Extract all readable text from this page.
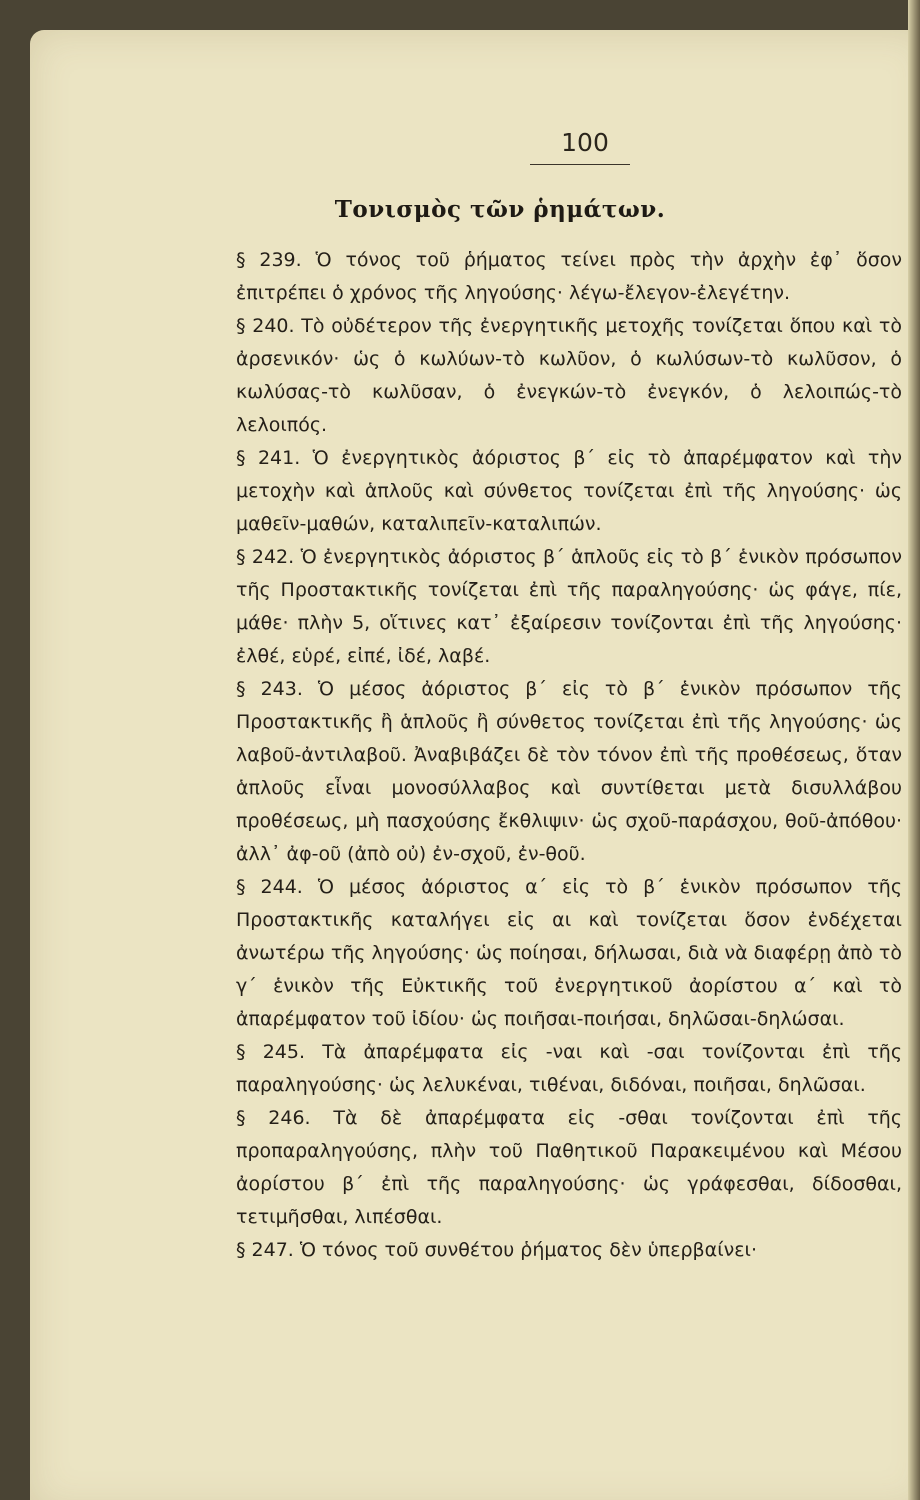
100
Τονισμὸς τῶν ῥημάτων.

§ 239. Ὁ τόνος τοῦ ῥήματος τείνει πρὸς τὴν ἀρχὴν ἐφ᾿ ὅσον ἐπιτρέπει ὁ χρόνος τῆς ληγούσης· λέγω-ἔλεγον-ἐλεγέτην.

§ 240. Τὸ οὐδέτερον τῆς ἐνεργητικῆς μετοχῆς τονίζεται ὅπου καὶ τὸ ἀρσενικόν· ὡς ὁ κωλύων-τὸ κωλῦον, ὁ κωλύσων-τὸ κωλῦσον, ὁ κωλύσας-τὸ κωλῦσαν, ὁ ἐνεγκών-τὸ ἐνεγκόν, ὁ λελοιπώς-τὸ λελοιπός.

§ 241. Ὁ ἐνεργητικὸς ἀόριστος β´ εἰς τὸ ἀπαρέμφατον καὶ τὴν μετοχὴν καὶ ἁπλοῦς καὶ σύνθετος τονίζεται ἐπὶ τῆς ληγούσης· ὡς μαθεῖν-μαθών, καταλιπεῖν-καταλιπών.

§ 242. Ὁ ἐνεργητικὸς ἀόριστος β´ ἁπλοῦς εἰς τὸ β´ ἑνικὸν πρόσωπον τῆς Προστακτικῆς τονίζεται ἐπὶ τῆς παραληγούσης· ὡς φάγε, πίε, μάθε· πλὴν 5, οἵτινες κατ᾿ ἐξαίρεσιν τονίζονται ἐπὶ τῆς ληγούσης· ἐλθέ, εὑρέ, εἰπέ, ἰδέ, λαβέ.

§ 243. Ὁ μέσος ἀόριστος β´ εἰς τὸ β´ ἑνικὸν πρόσωπον τῆς Προστακτικῆς ἢ ἁπλοῦς ἢ σύνθετος τονίζεται ἐπὶ τῆς ληγούσης· ὡς λαβοῦ-ἀντιλαβοῦ. Ἀναβιβάζει δὲ τὸν τόνον ἐπὶ τῆς προθέσεως, ὅταν ἁπλοῦς εἶναι μονοσύλλαβος καὶ συντίθεται μετὰ δισυλλάβου προθέσεως, μὴ πασχούσης ἔκθλιψιν· ὡς σχοῦ-παράσχου, θοῦ-ἀπόθου· ἀλλ᾿ ἀφ-οῦ (ἀπὸ οὐ) ἐν-σχοῦ, ἐν-θοῦ.

§ 244. Ὁ μέσος ἀόριστος α´ εἰς τὸ β´ ἑνικὸν πρόσωπον τῆς Προστακτικῆς καταλήγει εἰς αι καὶ τονίζεται ὅσον ἐνδέχεται ἀνωτέρω τῆς ληγούσης· ὡς ποίησαι, δήλωσαι, διὰ νὰ διαφέρῃ ἀπὸ τὸ γ´ ἑνικὸν τῆς Εὐκτικῆς τοῦ ἐνεργητικοῦ ἀορίστου α´ καὶ τὸ ἀπαρέμφατον τοῦ ἰδίου· ὡς ποιῆσαι-ποιήσαι, δηλῶσαι-δηλώσαι.

§ 245. Τὰ ἀπαρέμφατα εἰς -ναι καὶ -σαι τονίζονται ἐπὶ τῆς παραληγούσης· ὡς λελυκέναι, τιθέναι, διδόναι, ποιῆσαι, δηλῶσαι.

§ 246. Τὰ δὲ ἀπαρέμφατα εἰς -σθαι τονίζονται ἐπὶ τῆς προπαραληγούσης, πλὴν τοῦ Παθητικοῦ Παρακειμένου καὶ Μέσου ἀορίστου β´ ἐπὶ τῆς παραληγούσης· ὡς γράφεσθαι, δίδοσθαι, τετιμῆσθαι, λιπέσθαι.

§ 247. Ὁ τόνος τοῦ συνθέτου ῥήματος δὲν ὑπερβαίνει·
